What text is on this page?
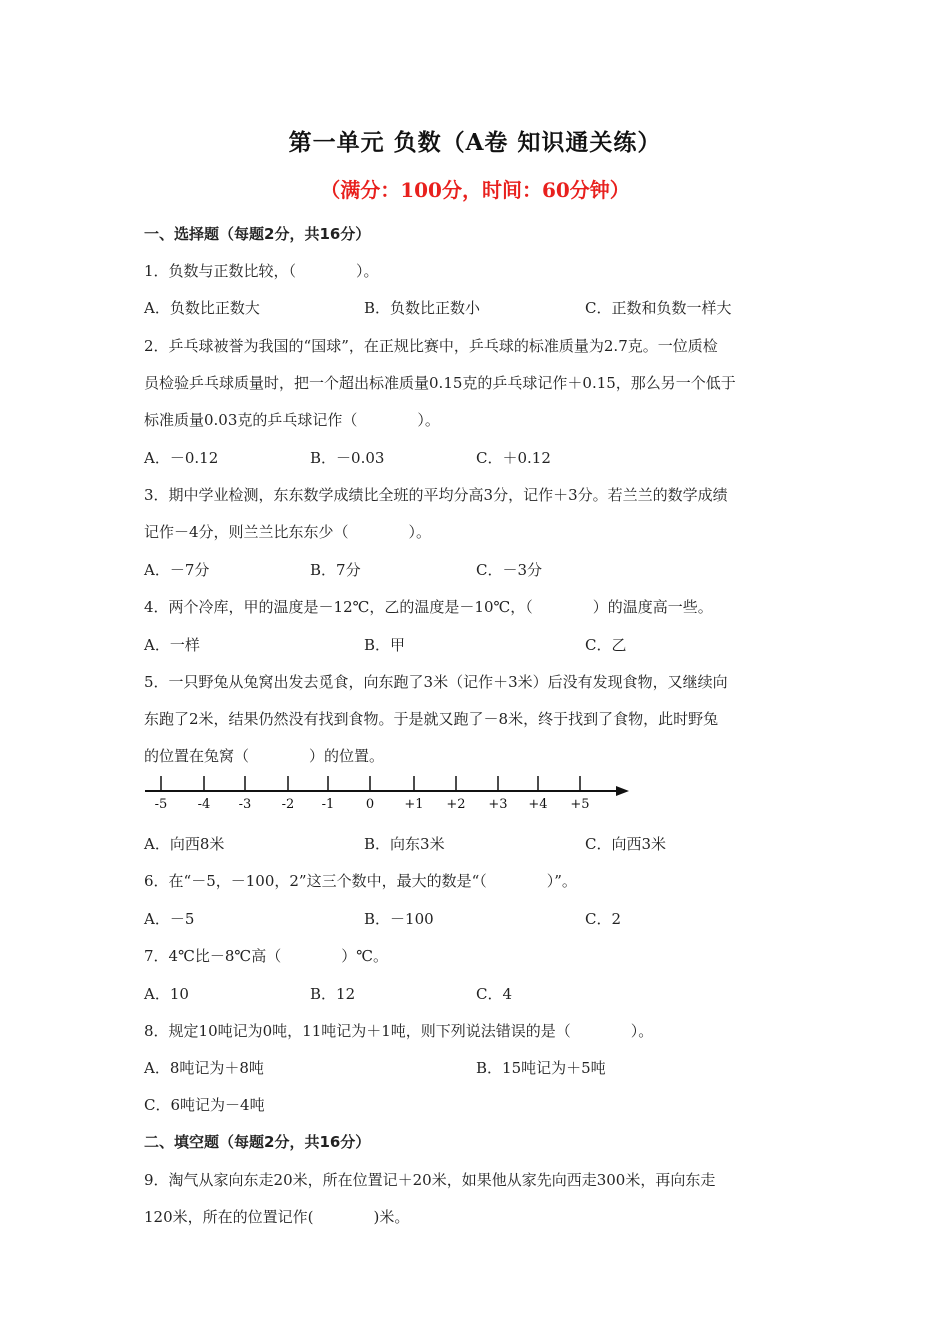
第一单元 负数（A卷 知识通关练）
（满分：100分，时间：60分钟）
一、选择题（每题2分，共16分）
1．负数与正数比较，（　　　　）。
A．负数比正数大	B．负数比正数小	C．正数和负数一样大
2．乒乓球被誉为我国的“国球”，在正规比赛中，乒乓球的标准质量为2.7克。一位质检
员检验乒乓球质量时，把一个超出标准质量0.15克的乒乓球记作＋0.15，那么另一个低于
标准质量0.03克的乒乓球记作（　　　　）。
A．－0.12	B．－0.03	C．＋0.12
3．期中学业检测，东东数学成绩比全班的平均分高3分，记作＋3分。若兰兰的数学成绩
记作－4分，则兰兰比东东少（　　　　）。
A．－7分	B．7分	C．－3分
4．两个冷库，甲的温度是－12℃，乙的温度是－10℃，（　　　　）的温度高一些。
A．一样	B．甲	C．乙
5．一只野兔从兔窝出发去觅食，向东跑了3米（记作＋3米）后没有发现食物，又继续向
东跑了2米，结果仍然没有找到食物。于是就又跑了－8米，终于找到了食物，此时野兔
的位置在兔窝（　　　　）的位置。
-5 -4 -3 -2 -1 0 +1 +2 +3 +4 +5
A．向西8米	B．向东3米	C．向西3米
6．在“－5，－100，2”这三个数中，最大的数是“（　　　　）”。
A．－5	B．－100	C．2
7．4℃比－8℃高（　　　　）℃。
A．10	B．12	C．4
8．规定10吨记为0吨，11吨记为＋1吨，则下列说法错误的是（　　　　）。
A．8吨记为＋8吨	B．15吨记为＋5吨
C．6吨记为－4吨
二、填空题（每题2分，共16分）
9．淘气从家向东走20米，所在位置记＋20米，如果他从家先向西走300米，再向东走
120米，所在的位置记作(　　　　)米。
